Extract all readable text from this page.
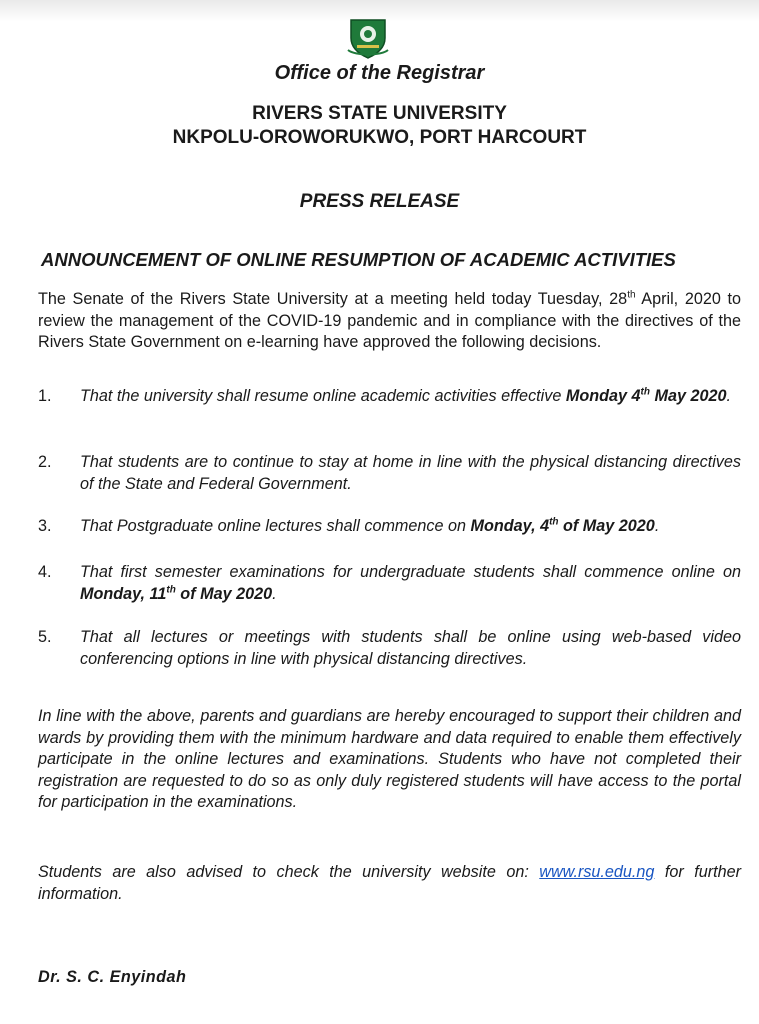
Office of the Registrar
RIVERS STATE UNIVERSITY
NKPOLU-OROWORUKWO, PORT HARCOURT
PRESS RELEASE
ANNOUNCEMENT OF ONLINE RESUMPTION OF ACADEMIC ACTIVITIES
The Senate of the Rivers State University at a meeting held today Tuesday, 28th April, 2020 to review the management of the COVID-19 pandemic and in compliance with the directives of the Rivers State Government on e-learning have approved the following decisions.
1. That the university shall resume online academic activities effective Monday 4th May 2020.
2. That students are to continue to stay at home in line with the physical distancing directives of the State and Federal Government.
3. That Postgraduate online lectures shall commence on Monday, 4th of May 2020.
4. That first semester examinations for undergraduate students shall commence online on Monday, 11th of May 2020.
5. That all lectures or meetings with students shall be online using web-based video conferencing options in line with physical distancing directives.
In line with the above, parents and guardians are hereby encouraged to support their children and wards by providing them with the minimum hardware and data required to enable them effectively participate in the online lectures and examinations. Students who have not completed their registration are requested to do so as only duly registered students will have access to the portal for participation in the examinations.
Students are also advised to check the university website on: www.rsu.edu.ng for further information.
Dr. S. C. Enyindah
